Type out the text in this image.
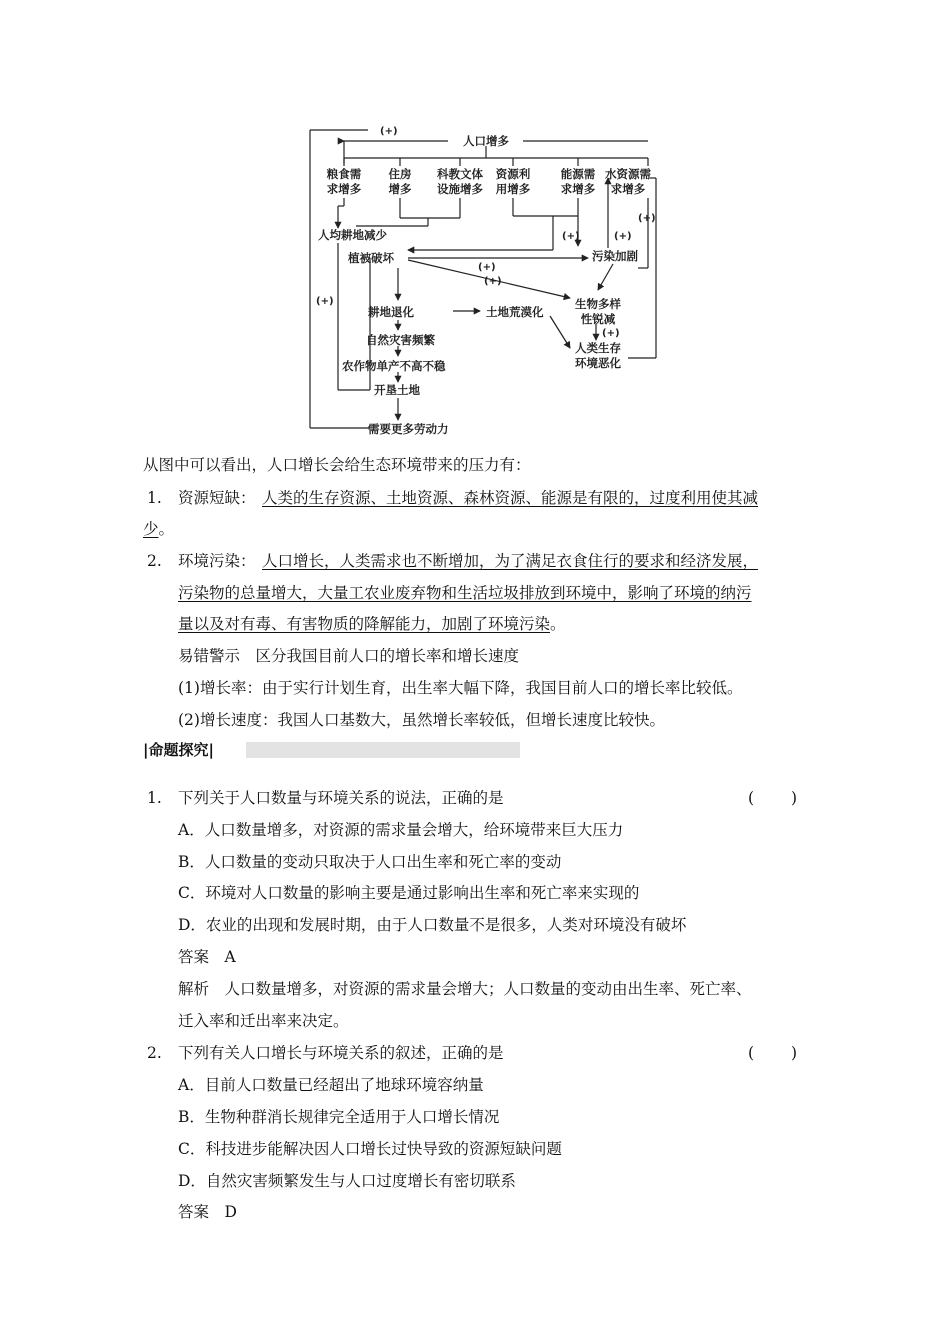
人口增多
(+)
粮食需
求增多
住房
增多
科教文体
设施增多
资源利
用增多
能源需
求增多
水资源需
求增多
人均耕地减少	(+)	(+)
(+)
植被破坏	污染加剧
(+)
(+)
(+)
耕地退化	土地荒漠化
生物多样
性锐减
(+)
自然灾害频繁
人类生存
环境恶化
农作物单产不高不稳
开垦土地
需要更多劳动力
从图中可以看出，人口增长会给生态环境带来的压力有：
1. 资源短缺： 人类的生存资源、土地资源、森林资源、能源是有限的，过度利用使其减
少。
2. 环境污染： 人口增长，人类需求也不断增加，为了满足衣食住行的要求和经济发展，
污染物的总量增大，大量工农业废弃物和生活垃圾排放到环境中，影响了环境的纳污
量以及对有毒、有害物质的降解能力，加剧了环境污染。
易错警示　区分我国目前人口的增长率和增长速度
(1)增长率：由于实行计划生育，出生率大幅下降，我国目前人口的增长率比较低。
(2)增长速度：我国人口基数大，虽然增长率较低，但增长速度比较快。
|命题探究|
1. 下列关于人口数量与环境关系的说法，正确的是	(　　)
A．人口数量增多，对资源的需求量会增大，给环境带来巨大压力
B．人口数量的变动只取决于人口出生率和死亡率的变动
C．环境对人口数量的影响主要是通过影响出生率和死亡率来实现的
D．农业的出现和发展时期，由于人口数量不是很多，人类对环境没有破坏
答案　A
解析　人口数量增多，对资源的需求量会增大；人口数量的变动由出生率、死亡率、
迁入率和迁出率来决定。
2. 下列有关人口增长与环境关系的叙述，正确的是	(　　)
A．目前人口数量已经超出了地球环境容纳量
B．生物种群消长规律完全适用于人口增长情况
C．科技进步能解决因人口增长过快导致的资源短缺问题
D．自然灾害频繁发生与人口过度增长有密切联系
答案　D
